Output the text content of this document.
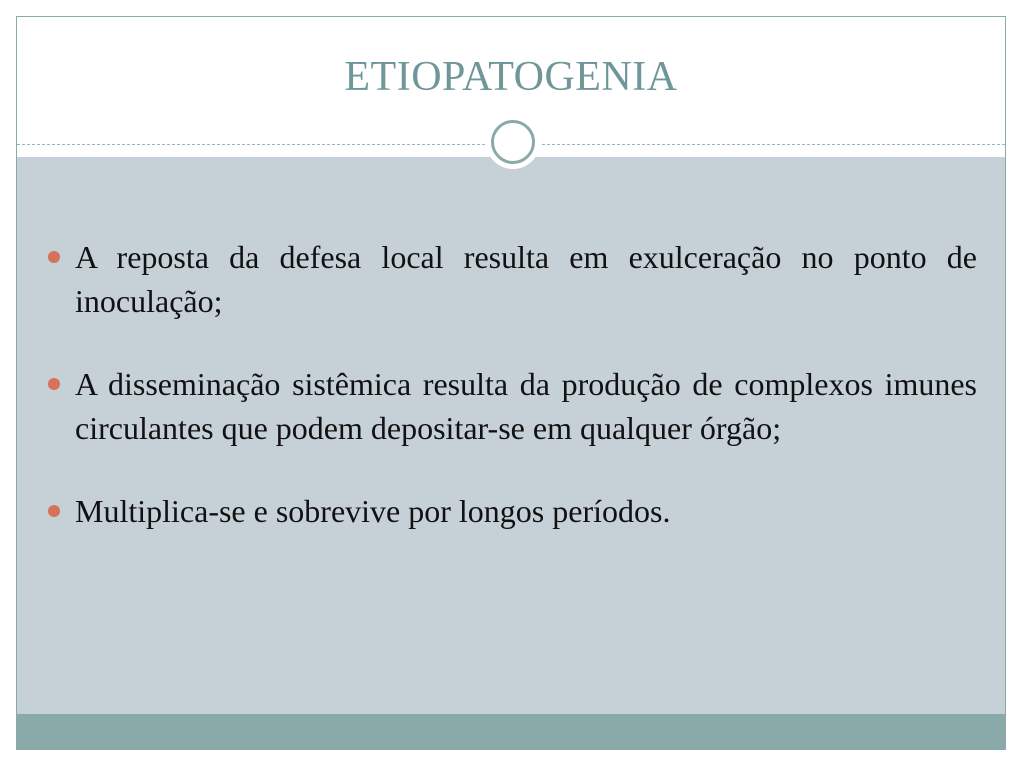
ETIOPATOGENIA
A reposta da defesa local resulta em exulceração no ponto de inoculação;
A disseminação sistêmica resulta da produção de complexos imunes circulantes que podem depositar-se em qualquer órgão;
Multiplica-se e sobrevive por longos períodos.
